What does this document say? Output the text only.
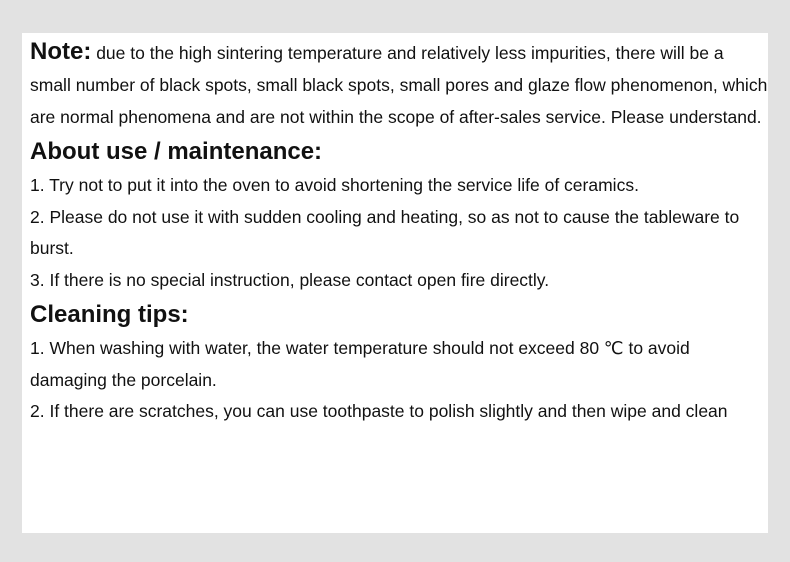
Note: due to the high sintering temperature and relatively less impurities, there will be a small number of black spots, small black spots, small pores and glaze flow phenomenon, which are normal phenomena and are not within the scope of after-sales service. Please understand.

About use / maintenance:

1. Try not to put it into the oven to avoid shortening the service life of ceramics.

2. Please do not use it with sudden cooling and heating, so as not to cause the tableware to burst.

3. If there is no special instruction, please contact open fire directly.

Cleaning tips:

1. When washing with water, the water temperature should not exceed 80 ℃ to avoid damaging the porcelain.

2. If there are scratches, you can use toothpaste to polish slightly and then wipe and clean
